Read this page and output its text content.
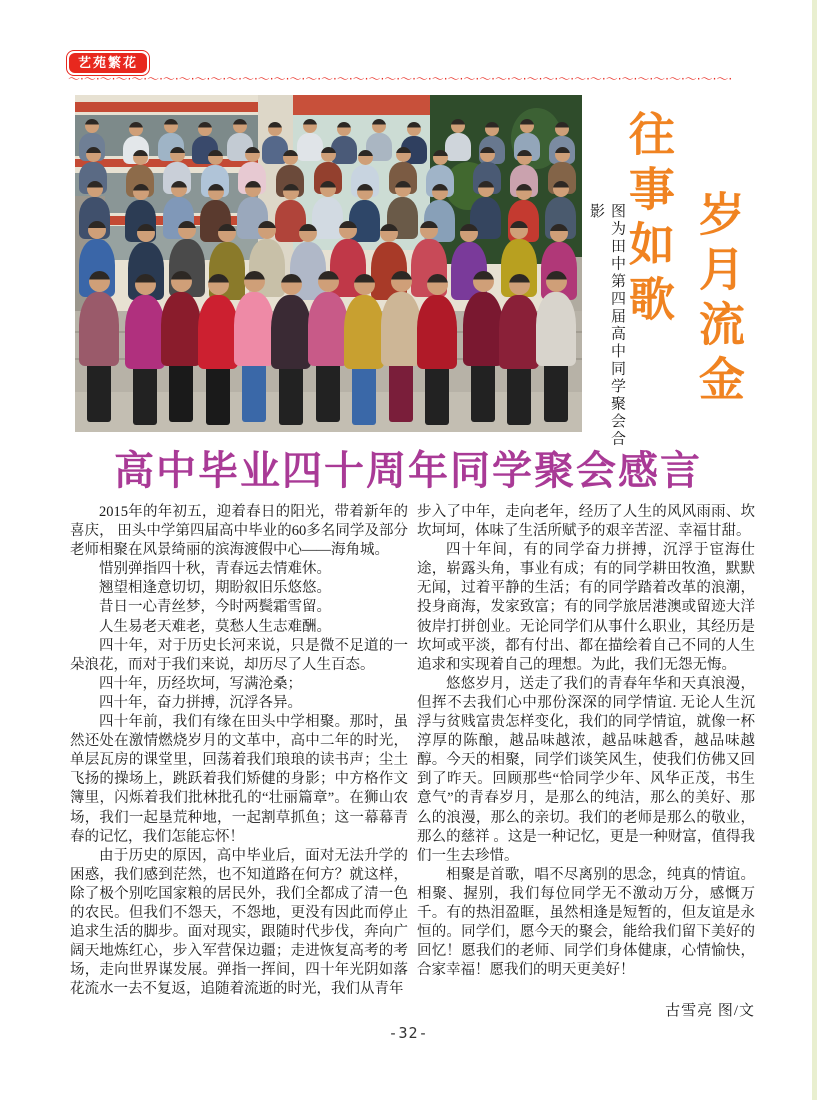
艺苑繁花
～·～·～·～·～·～·～·～·～·～·～·～·～·～·～·～·～·～·～·～·～·～·～·～·～·～·～·～·～·～·～·～·～·～·～·～·～·～·～·～·～·～·
图为田中第四届高中同学聚会合影 往事如歌 岁月流金
高中毕业四十周年同学聚会感言

2015年的年初五，迎着春日的阳光，带着新年的喜庆， 田头中学第四届高中毕业的60多名同学及部分老师相聚在风景绮丽的滨海渡假中心——海角城。

惜别弹指四十秋，青春远去情难休。

翘望相逢意切切，期盼叙旧乐悠悠。

昔日一心青丝梦，今时两鬓霜雪留。

人生易老天难老，莫愁人生志难酬。

四十年，对于历史长河来说，只是微不足道的一朵浪花，而对于我们来说，却历尽了人生百态。

四十年，历经坎坷，写满沧桑；

四十年，奋力拼搏，沉浮各异。

四十年前，我们有缘在田头中学相聚。那时，虽然还处在激情燃烧岁月的文革中，高中二年的时光，单层瓦房的课堂里，回荡着我们琅琅的读书声；尘土飞扬的操场上，跳跃着我们矫健的身影；中方格作文簿里，闪烁着我们批林批孔的“壮丽篇章”。在狮山农场，我们一起垦荒种地，一起割草抓鱼；这一幕幕青春的记忆，我们怎能忘怀！

由于历史的原因，高中毕业后，面对无法升学的困惑，我们感到茫然，也不知道路在何方？就这样，除了极个别吃国家粮的居民外，我们全都成了清一色的农民。但我们不怨天，不怨地，更没有因此而停止追求生活的脚步。面对现实，跟随时代步伐，奔向广阔天地炼红心，步入军营保边疆；走进恢复高考的考场，走向世界谋发展。弹指一挥间，四十年光阴如落花流水一去不复返，追随着流逝的时光，我们从青年

步入了中年，走向老年，经历了人生的风风雨雨、坎坎坷坷，体味了生活所赋予的艰辛苦涩、幸福甘甜。

四十年间，有的同学奋力拼搏，沉浮于宦海仕途，崭露头角，事业有成；有的同学耕田牧渔，默默无闻，过着平静的生活；有的同学踏着改革的浪潮，投身商海，发家致富；有的同学旅居港澳或留迹大洋彼岸打拼创业。无论同学们从事什么职业，其经历是坎坷或平淡，都有付出、都在描绘着自己不同的人生追求和实现着自己的理想。为此，我们无怨无悔。

悠悠岁月，送走了我们的青春年华和天真浪漫，但挥不去我们心中那份深深的同学情谊. 无论人生沉浮与贫贱富贵怎样变化，我们的同学情谊，就像一杯淳厚的陈酿，越品味越浓，越品味越香，越品味越醇。今天的相聚，同学们谈笑风生，使我们仿佛又回到了昨天。回顾那些“恰同学少年、风华正茂，书生意气”的青春岁月，是那么的纯洁，那么的美好、那么的浪漫，那么的亲切。我们的老师是那么的敬业，那么的慈祥 。这是一种记忆，更是一种财富，值得我们一生去珍惜。

相聚是首歌，唱不尽离别的思念，纯真的情谊。相聚、握别，我们每位同学无不激动万分，感慨万千。有的热泪盈眶，虽然相逢是短暂的，但友谊是永恒的。同学们，愿今天的聚会，能给我们留下美好的回忆！愿我们的老师、同学们身体健康，心情愉快，合家幸福！愿我们的明天更美好！

古雪亮 图/文
-32-
